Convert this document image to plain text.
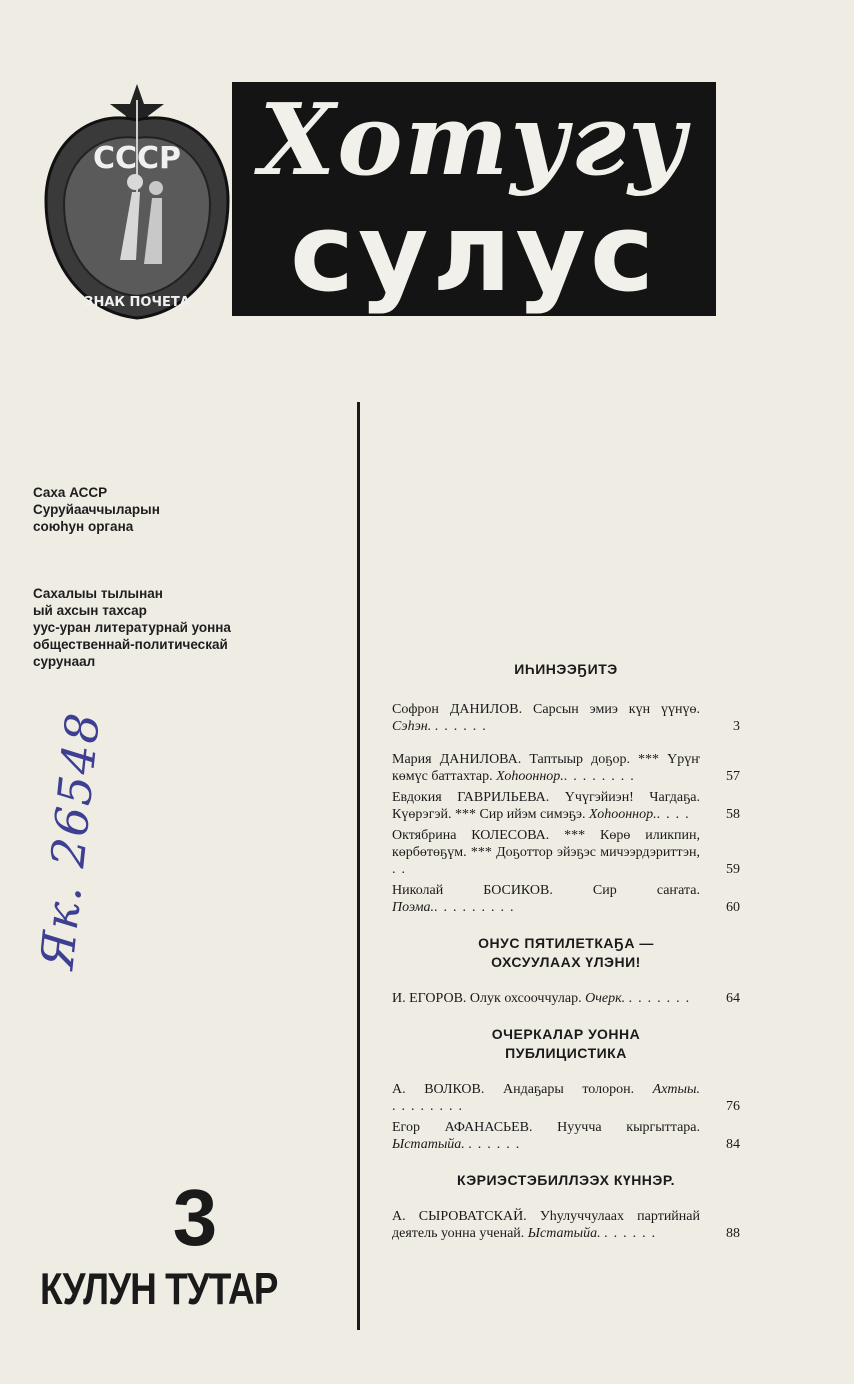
СССР
ЗНАК ПОЧЕТА
Хотугу
сулус
Саха АССР
Суруйааччыларын
союһун органа
Сахалыы тылынан
ый ахсын тахсар
уус-уран литературнай уонна
общественнай-политическай
сурунаал
Як. 26548
3
КУЛУН ТУТАР
ИҺИНЭЭҔИТЭ
Софрон ДАНИЛОВ. Сарсын эмиэ күн үүнүө. Сэһэн. ......	3
Мария ДАНИЛОВА. Таптыыр доҕор. *** Үрүҥ көмүс баттахтар. Хоһооннор.........	57
Евдокия ГАВРИЛЬЕВА. Үчүгэйиэн! Чагдаҕа. Күөрэгэй. *** Сир ийэм симэҕэ. Хоһооннор.....	58
Октябрина КОЛЕСОВА. *** Көрө иликпин, көрбөтөҕүм. *** Доҕоттор эйэҕэс мичээрдэриттэн, ..	59
Николай БОСИКОВ. Сир саҥата. Поэма..........	60
ОНУС ПЯТИЛЕТКАҔА — ОХСУУЛААХ ҮЛЭНИ!
И. ЕГОРОВ. Олук охсооччулар. Очерк. .......	64
ОЧЕРКАЛАР УОННА ПУБЛИЦИСТИКА
А. ВОЛКОВ. Андаҕары толорон. Ахтыы. ........	76
Егор АФАНАСЬЕВ. Нууччa кыргыттара. Ыстатыйа. ......	84
КЭРИЭСТЭБИЛЛЭЭХ КҮННЭР.
А. СЫРОВАТСКАЙ. Уһулуччулаах партийнай деятель уонна ученай. Ыстатыйа. ......	88
